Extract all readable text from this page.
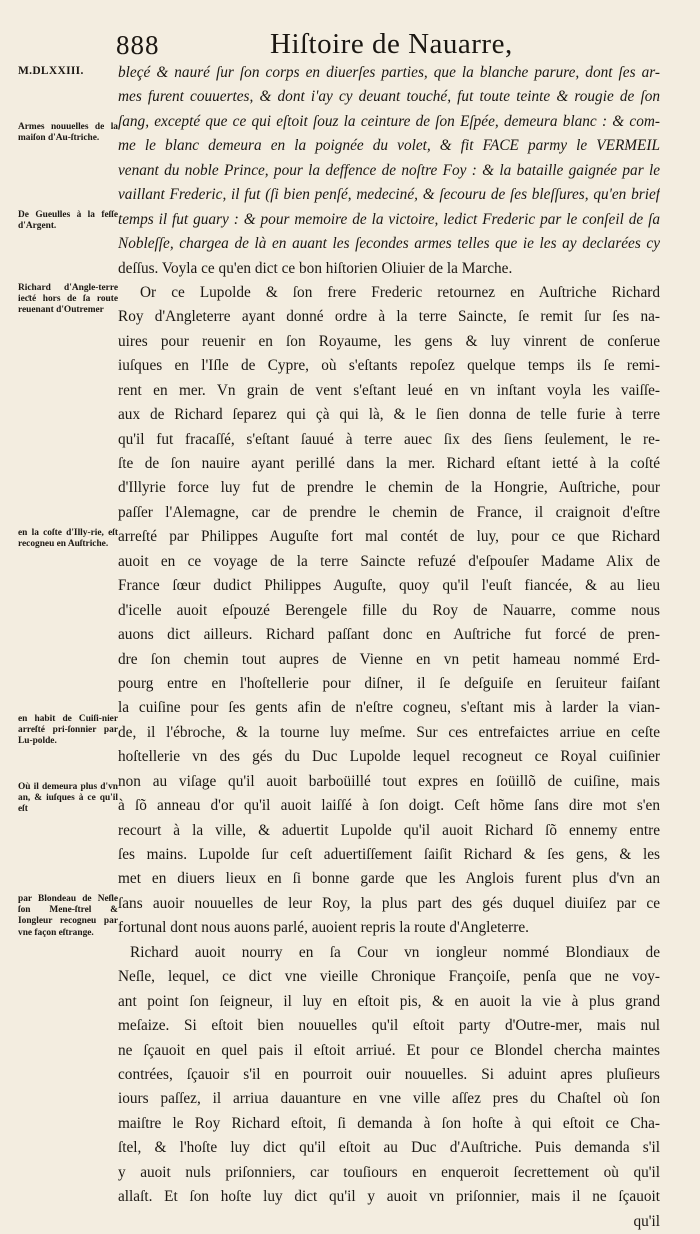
888	Hiſtoire de Nauarre,
M.DLXXIII.
Armes nouuelles de la maiſon d'Au-ſtriche.
De Gueulles à la feſſe d'Argent.
Richard d'Angle-terre ieƈté hors de ſa route reuenant d'Outremer
en la coſte d'Illy-rie, eſt recogneu en Auſtriche.
en habit de Cuiſi-nier arreſté pri-ſonnier par Lu-polde.
Où il demeura plus d'vn an, & iuſques à ce qu'il eſt
par Blondeau de Neſle ſon Mene-ſtrel & Iongleur recogneu par vne façon eſtrange.
bleçé & nauré ſur ſon corps en diuerſes parties, que la blanche parure, dont ſes ar-
mes furent couuertes, & dont i'ay cy deuant touché, fut toute teinte & rougie de ſon
ſang, excepté que ce qui eſtoit ſouz la ceinture de ſon Eſpée, demeura blanc : & com-
me le blanc demeura en la poignée du volet, & fit FACE parmy le VERMEIL
venant du noble Prince, pour la deffence de noſtre Foy : & la bataille gaignée par le
vaillant Frederic, il fut (ſi bien penſé, medeciné, & ſecouru de ſes bleſſures, qu'en brief
temps il fut guary : & pour memoire de la victoire, ledict Frederic par le conſeil de ſa
Nobleſſe, chargea de là en auant les ſecondes armes telles que ie les ay declarées cy
deſſus. Voyla ce qu'en dict ce bon hiſtorien Oliuier de la Marche.
Or ce Lupolde & ſon frere Frederic retournez en Auſtriche Richard
Roy d'Angleterre ayant donné ordre à la terre Saincte, ſe remit ſur ſes na-
uires pour reuenir en ſon Royaume, les gens & luy vinrent de conſerue
iuſques en l'Iſle de Cypre, où s'eſtants repoſez quelque temps ils ſe remi-
rent en mer. Vn grain de vent s'eſtant leué en vn inſtant voyla les vaiſſe-
aux de Richard ſeparez qui çà qui là, & le ſien donna de telle furie à terre
qu'il fut fracaſſé, s'eſtant ſauué à terre auec ſix des ſiens ſeulement, le re-
ſte de ſon nauire ayant perillé dans la mer. Richard eſtant ietté à la coſté
d'Illyrie force luy fut de prendre le chemin de la Hongrie, Auſtriche, pour
paſſer l'Alemagne, car de prendre le chemin de France, il craignoit d'eſtre
arreſté par Philippes Auguſte fort mal contét de luy, pour ce que Richard
auoit en ce voyage de la terre Saincte refuzé d'eſpouſer Madame Alix de
France ſœur dudict Philippes Auguſte, quoy qu'il l'euſt fiancée, & au lieu
d'icelle auoit eſpouzé Berengele fille du Roy de Nauarre, comme nous
auons dict ailleurs. Richard paſſant donc en Auſtriche fut forcé de pren-
dre ſon chemin tout aupres de Vienne en vn petit hameau nommé Erd-
pourg entre en l'hoſtellerie pour diſner, il ſe deſguiſe en ſeruiteur faiſant
la cuiſine pour ſes gents afin de n'eſtre cogneu, s'eſtant mis à larder la vian-
de, il l'ébroche, & la tourne luy meſme. Sur ces entrefaictes arriue en ceſte
hoſtellerie vn des gés du Duc Lupolde lequel recogneut ce Royal cuiſinier
non au viſage qu'il auoit barboüillé tout expres en ſoüillõ de cuiſine, mais
à ſõ anneau d'or qu'il auoit laiſſé à ſon doigt. Ceſt hõme ſans dire mot s'en
recourt à la ville, & aduertit Lupolde qu'il auoit Richard ſõ ennemy entre
ſes mains. Lupolde ſur ceſt aduertiſſement ſaiſit Richard & ſes gens, & les
met en diuers lieux en ſi bonne garde que les Anglois furent plus d'vn an
ſans auoir nouuelles de leur Roy, la plus part des gés duquel diuiſez par ce
fortunal dont nous auons parlé, auoient repris la route d'Angleterre.
Richard auoit nourry en ſa Cour vn iongleur nommé Blondiaux de
Neſle, lequel, ce dict vne vieille Chronique Françoiſe, penſa que ne voy-
ant point ſon ſeigneur, il luy en eſtoit pis, & en auoit la vie à plus grand
meſaize. Si eſtoit bien nouuelles qu'il eſtoit party d'Outre-mer, mais nul
ne ſçauoit en quel pais il eſtoit arriué. Et pour ce Blondel chercha maintes
contrées, ſçauoir s'il en pourroit ouir nouuelles. Si aduint apres pluſieurs
iours paſſez, il arriua dauanture en vne ville aſſez pres du Chaſtel où ſon
maiſtre le Roy Richard eſtoit, ſi demanda à ſon hoſte à qui eſtoit ce Cha-
ſtel, & l'hoſte luy dict qu'il eſtoit au Duc d'Auſtriche. Puis demanda s'il
y auoit nuls priſonniers, car touſiours en enqueroit ſecrettement où qu'il
allaſt. Et ſon hoſte luy dict qu'il y auoit vn priſonnier, mais il ne ſçauoit
qu'il
